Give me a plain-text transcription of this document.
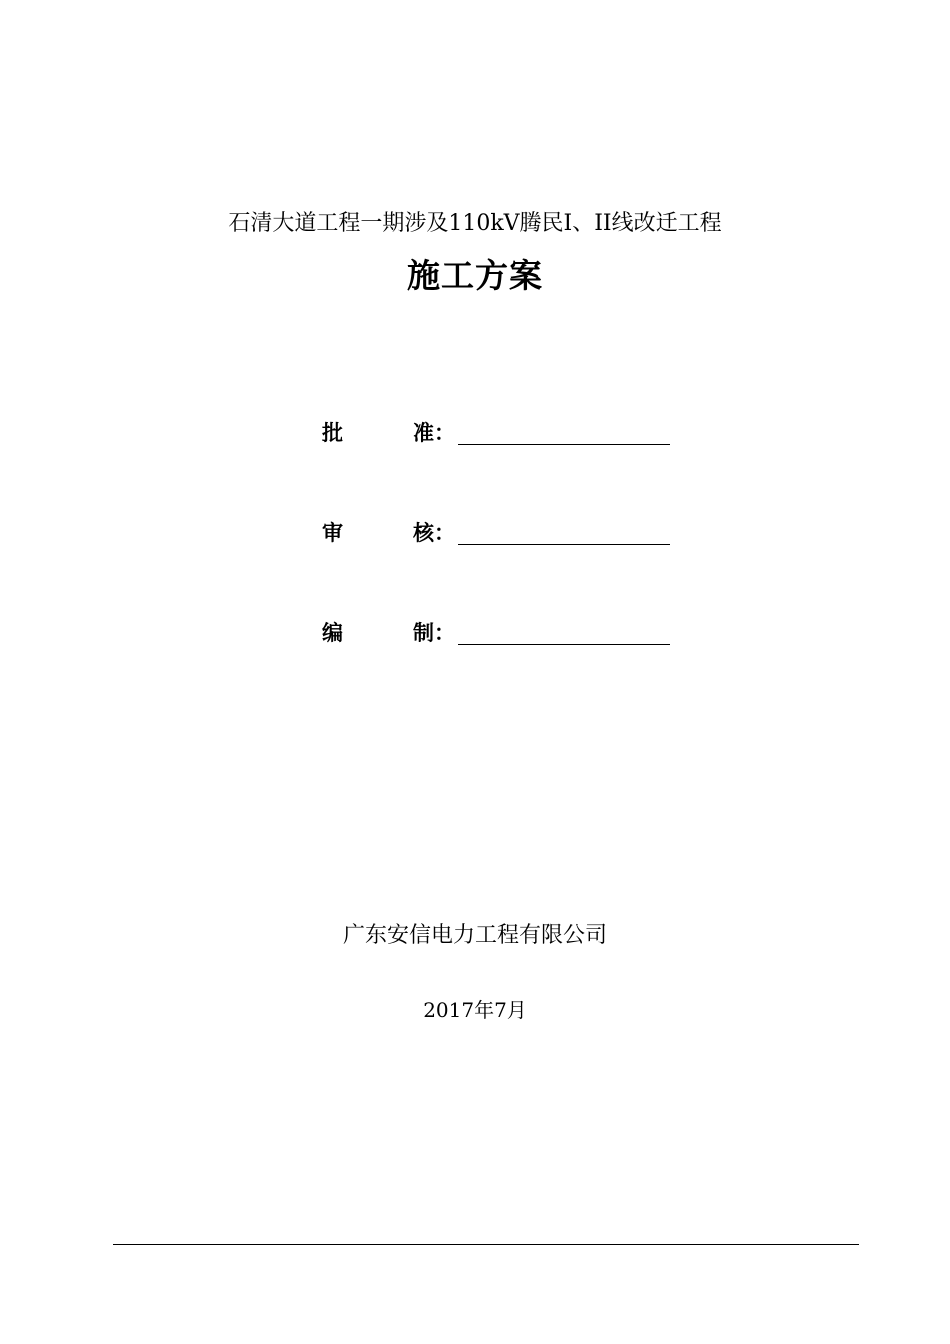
石清大道工程一期涉及110kV腾民I、II线改迁工程
施工方案
批	准：
审	核：
编	制：
广东安信电力工程有限公司
2017年7月
